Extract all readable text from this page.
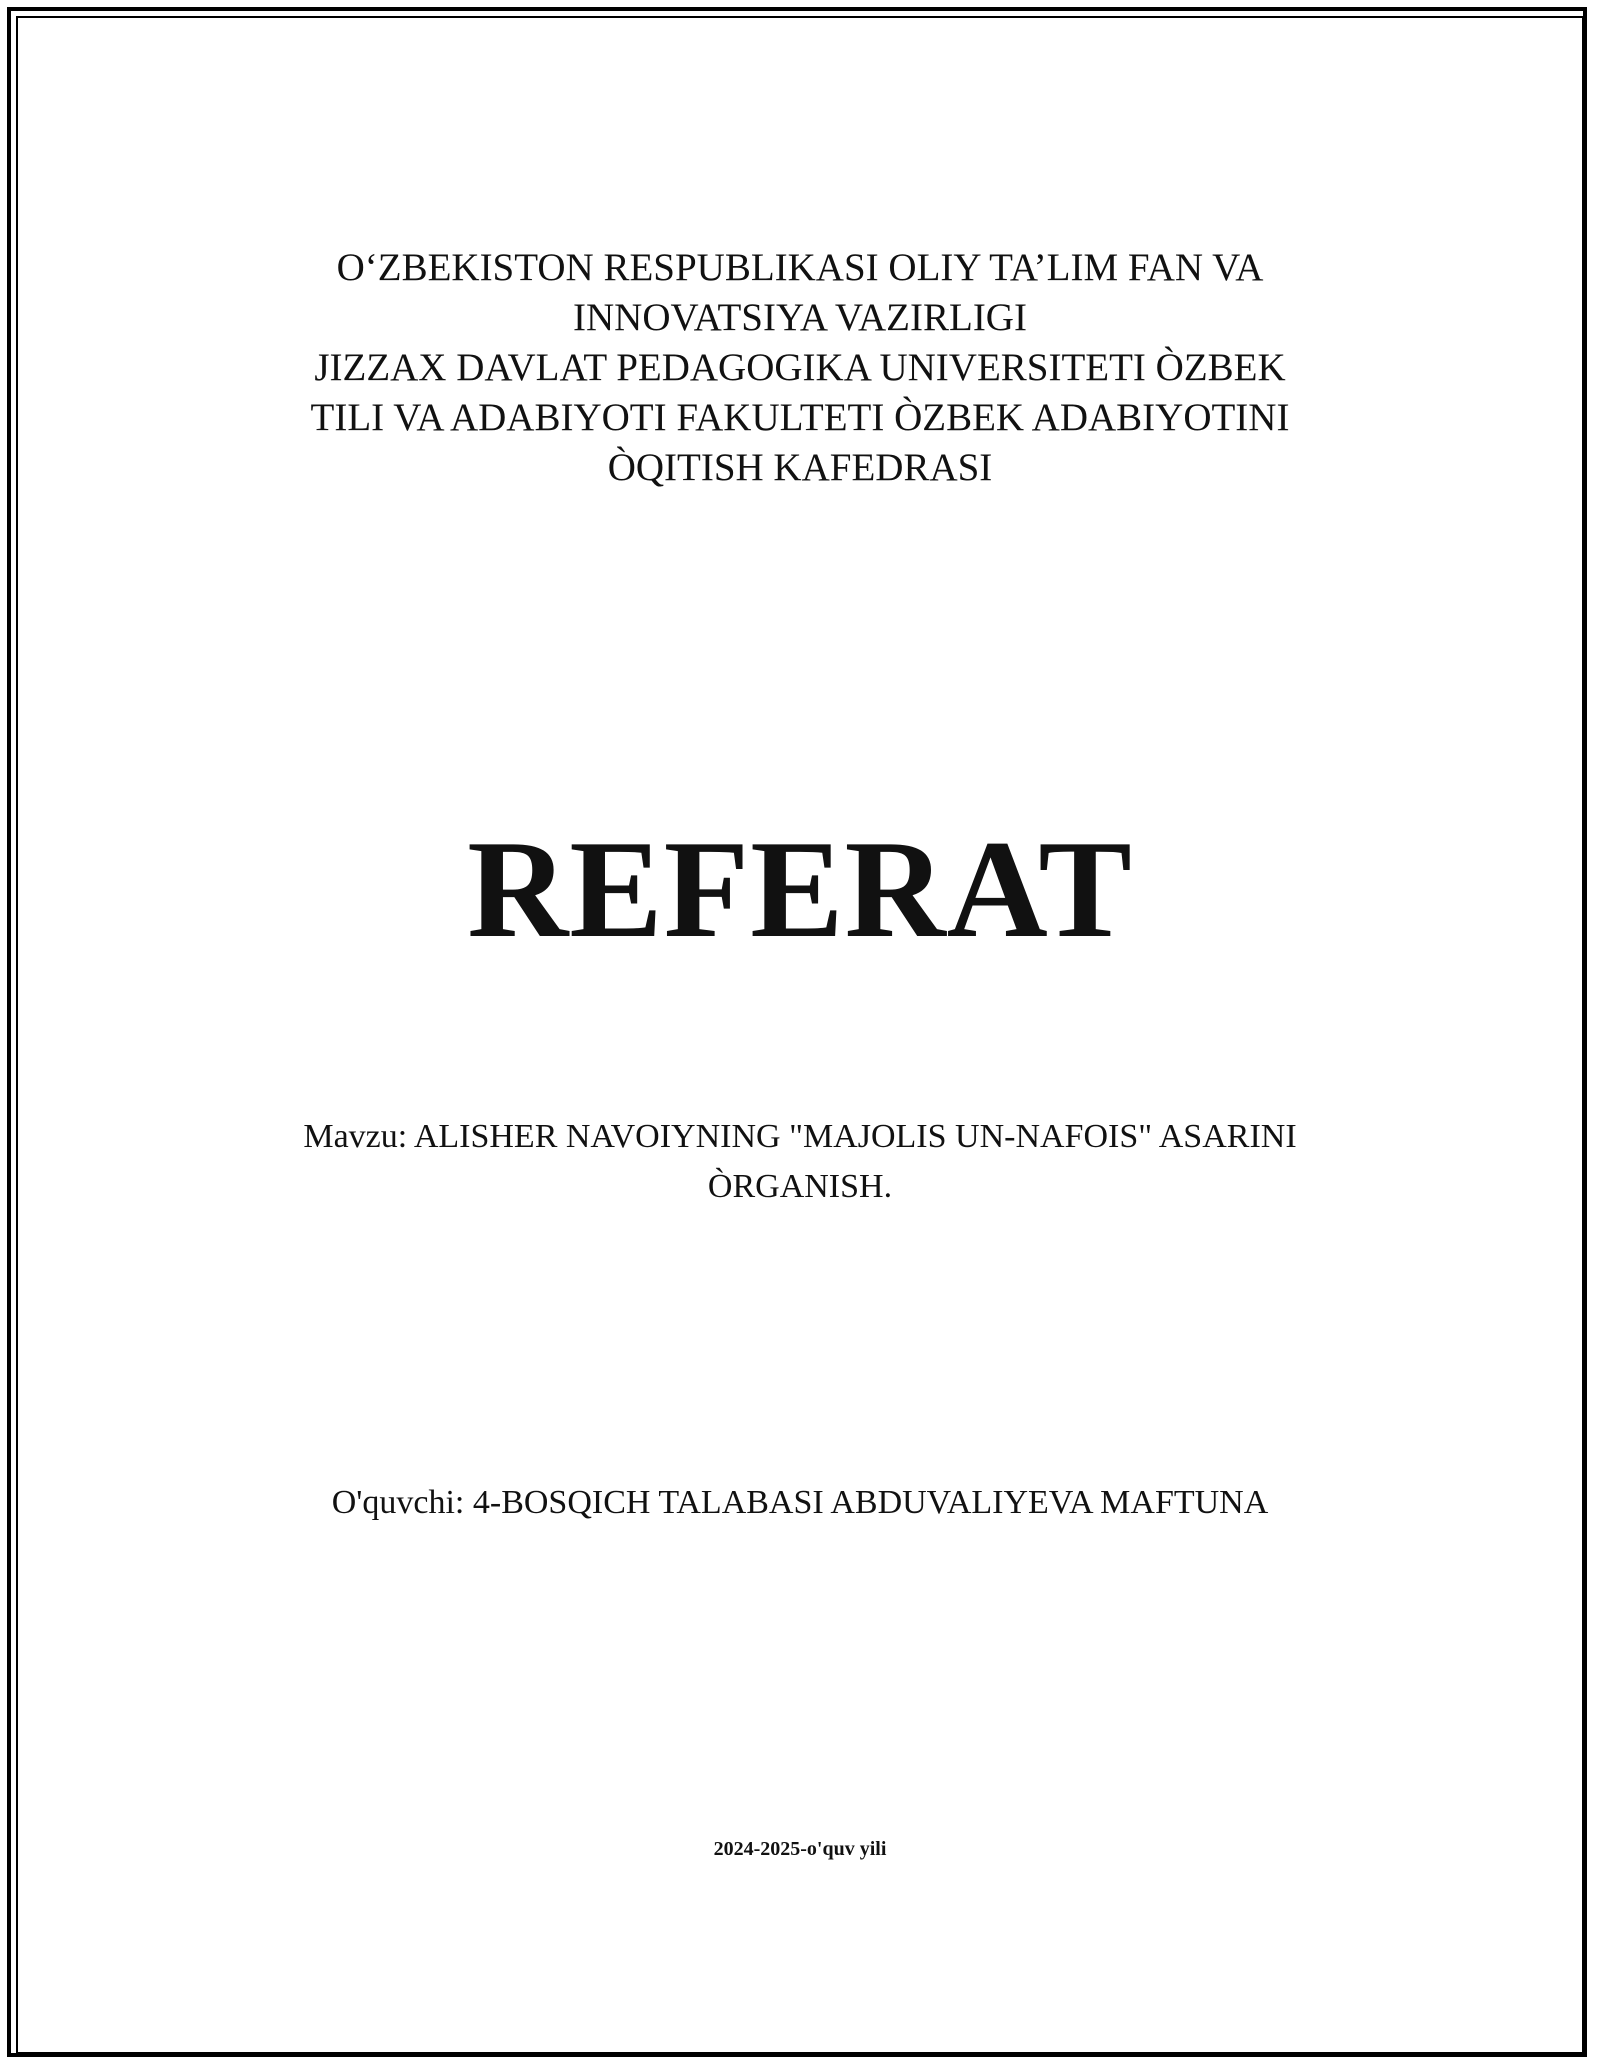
O‘ZBEKISTON RESPUBLIKASI OLIY TA’LIM FAN VA
INNOVATSIYA VAZIRLIGI
JIZZAX DAVLAT PEDAGOGIKA UNIVERSITETI ÒZBEK
TILI VA ADABIYOTI FAKULTETI ÒZBEK ADABIYOTINI
ÒQITISH KAFEDRASI
REFERAT
Mavzu: ALISHER NAVOIYNING "MAJOLIS UN-NAFOIS" ASARINI
ÒRGANISH.
O'quvchi: 4-BOSQICH TALABASI ABDUVALIYEVA MAFTUNA
2024-2025-o'quv yili
